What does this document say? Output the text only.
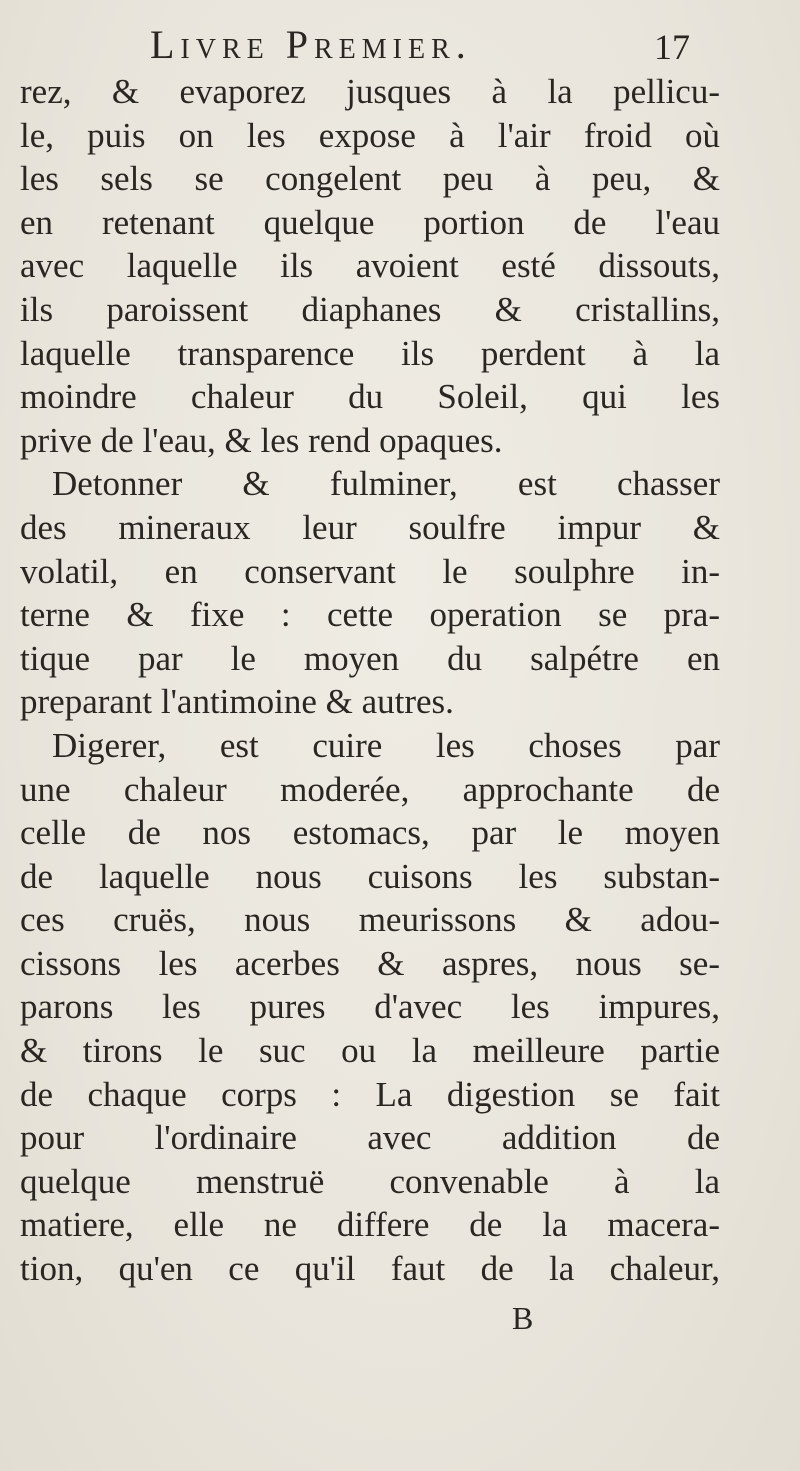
Livre Premier.	17
rez, & evaporez jusques à la pellicu-
le, puis on les expose à l'air froid où
les sels se congelent peu à peu, &
en retenant quelque portion de l'eau
avec laquelle ils avoient esté dissouts,
ils paroissent diaphanes & cristallins,
laquelle transparence ils perdent à la
moindre chaleur du Soleil, qui les
prive de l'eau, & les rend opaques.
Detonner & fulminer, est chasser
des mineraux leur soulfre impur &
volatil, en conservant le soulphre in-
terne & fixe : cette operation se pra-
tique par le moyen du salpétre en
preparant l'antimoine & autres.
Digerer, est cuire les choses par
une chaleur moderée, approchante de
celle de nos estomacs, par le moyen
de laquelle nous cuisons les substan-
ces cruës, nous meurissons & adou-
cissons les acerbes & aspres, nous se-
parons les pures d'avec les impures,
& tirons le suc ou la meilleure partie
de chaque corps : La digestion se fait
pour l'ordinaire avec addition de
quelque menstruë convenable à la
matiere, elle ne differe de la macera-
tion, qu'en ce qu'il faut de la chaleur,
B
